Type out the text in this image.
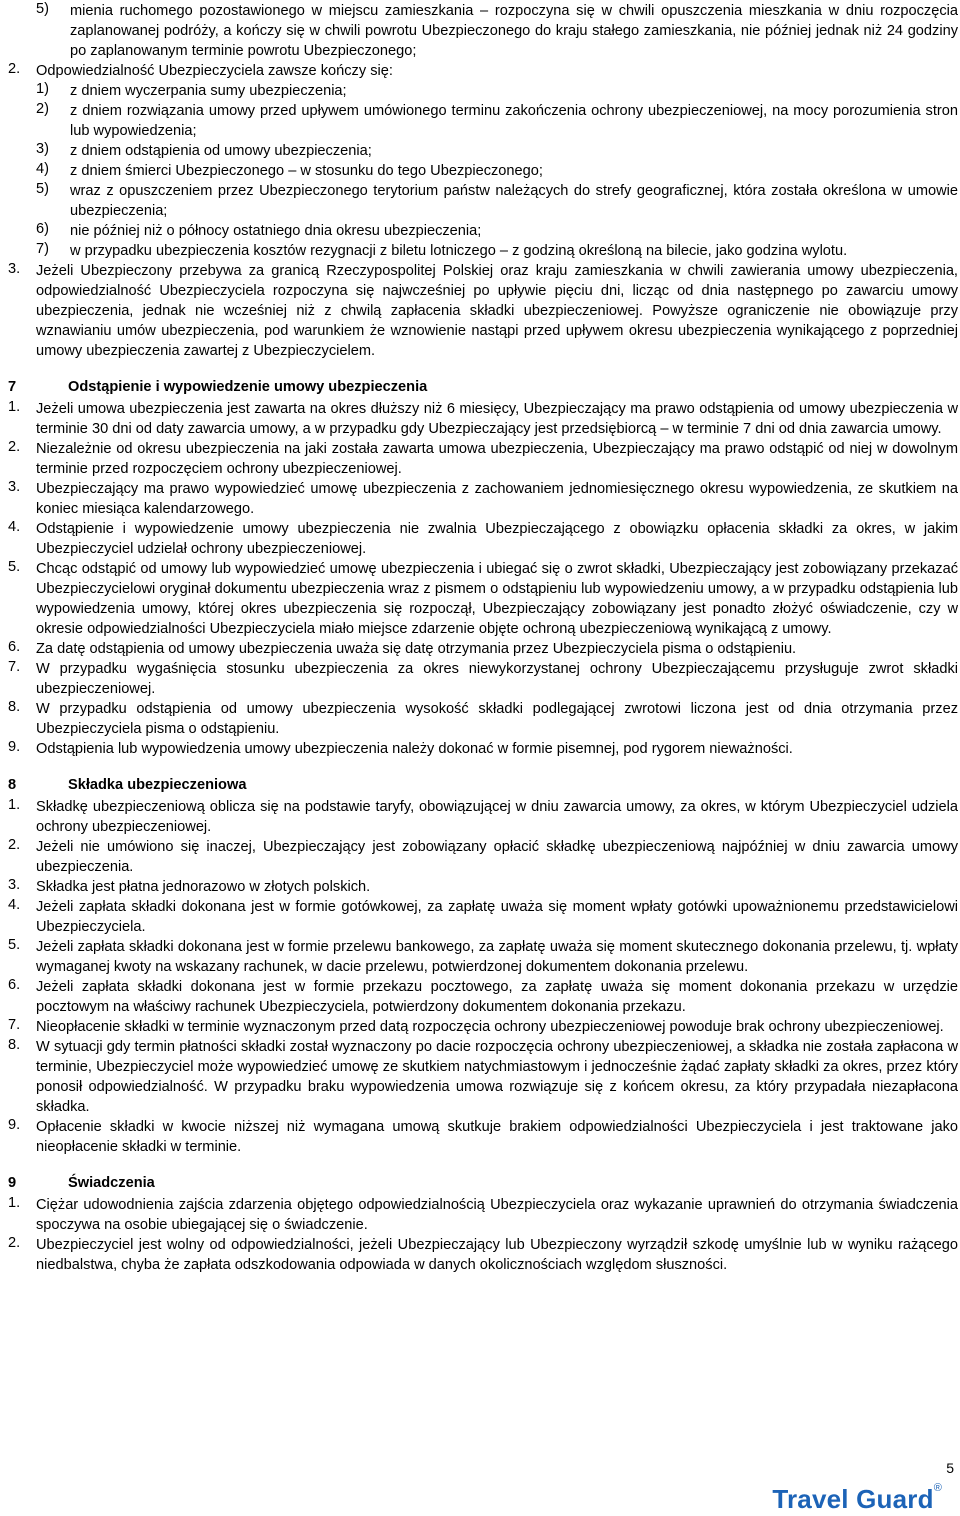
5)	mienia ruchomego pozostawionego w miejscu zamieszkania – rozpoczyna się w chwili opuszczenia mieszkania w dniu rozpoczęcia zaplanowanej podróży, a kończy się w chwili powrotu Ubezpieczonego do kraju stałego zamieszkania, nie później jednak niż 24 godziny po zaplanowanym terminie powrotu Ubezpieczonego;
2.	Odpowiedzialność Ubezpieczyciela zawsze kończy się:
1)	z dniem wyczerpania sumy ubezpieczenia;
2)	z dniem rozwiązania umowy przed upływem umówionego terminu zakończenia ochrony ubezpieczeniowej, na mocy porozumienia stron lub wypowiedzenia;
3)	z dniem odstąpienia od umowy ubezpieczenia;
4)	z dniem śmierci Ubezpieczonego – w stosunku do tego Ubezpieczonego;
5)	wraz z opuszczeniem przez Ubezpieczonego terytorium państw należących do strefy geograficznej, która została określona w umowie ubezpieczenia;
6)	nie później niż o północy ostatniego dnia okresu ubezpieczenia;
7)	w przypadku ubezpieczenia kosztów rezygnacji z biletu lotniczego – z godziną określoną na bilecie, jako godzina wylotu.
3.	Jeżeli Ubezpieczony przebywa za granicą Rzeczypospolitej Polskiej oraz kraju zamieszkania w chwili zawierania umowy ubezpieczenia, odpowiedzialność Ubezpieczyciela rozpoczyna się najwcześniej po upływie pięciu dni, licząc od dnia następnego po zawarciu umowy ubezpieczenia, jednak nie wcześniej niż z chwilą zapłacenia składki ubezpieczeniowej. Powyższe ograniczenie nie obowiązuje przy wznawianiu umów ubezpieczenia, pod warunkiem że wznowienie nastąpi przed upływem okresu ubezpieczenia wynikającego z poprzedniej umowy ubezpieczenia zawartej z Ubezpieczycielem.
7	Odstąpienie i wypowiedzenie umowy ubezpieczenia
1.	Jeżeli umowa ubezpieczenia jest zawarta na okres dłuższy niż 6 miesięcy, Ubezpieczający ma prawo odstąpienia od umowy ubezpieczenia w terminie 30 dni od daty zawarcia umowy, a w przypadku gdy Ubezpieczający jest przedsiębiorcą – w terminie 7 dni od dnia zawarcia umowy.
2.	Niezależnie od okresu ubezpieczenia na jaki została zawarta umowa ubezpieczenia, Ubezpieczający ma prawo odstąpić od niej w dowolnym terminie przed rozpoczęciem ochrony ubezpieczeniowej.
3.	Ubezpieczający ma prawo wypowiedzieć umowę ubezpieczenia z zachowaniem jednomiesięcznego okresu wypowiedzenia, ze skutkiem na koniec miesiąca kalendarzowego.
4.	Odstąpienie i wypowiedzenie umowy ubezpieczenia nie zwalnia Ubezpieczającego z obowiązku opłacenia składki za okres, w jakim Ubezpieczyciel udzielał ochrony ubezpieczeniowej.
5.	Chcąc odstąpić od umowy lub wypowiedzieć umowę ubezpieczenia i ubiegać się o zwrot składki, Ubezpieczający jest zobowiązany przekazać Ubezpieczycielowi oryginał dokumentu ubezpieczenia wraz z pismem o odstąpieniu lub wypowiedzeniu umowy, a w przypadku odstąpienia lub wypowiedzenia umowy, której okres ubezpieczenia się rozpoczął, Ubezpieczający zobowiązany jest ponadto złożyć oświadczenie, czy w okresie odpowiedzialności Ubezpieczyciela miało miejsce zdarzenie objęte ochroną ubezpieczeniową wynikającą z umowy.
6.	Za datę odstąpienia od umowy ubezpieczenia uważa się datę otrzymania przez Ubezpieczyciela pisma o odstąpieniu.
7.	W przypadku wygaśnięcia stosunku ubezpieczenia za okres niewykorzystanej ochrony Ubezpieczającemu przysługuje zwrot składki ubezpieczeniowej.
8.	W przypadku odstąpienia od umowy ubezpieczenia wysokość składki podlegającej zwrotowi liczona jest od dnia otrzymania przez Ubezpieczyciela pisma o odstąpieniu.
9.	Odstąpienia lub wypowiedzenia umowy ubezpieczenia należy dokonać w formie pisemnej, pod rygorem nieważności.
8	Składka ubezpieczeniowa
1.	Składkę ubezpieczeniową oblicza się na podstawie taryfy, obowiązującej w dniu zawarcia umowy, za okres, w którym Ubezpieczyciel udziela ochrony ubezpieczeniowej.
2.	Jeżeli nie umówiono się inaczej, Ubezpieczający jest zobowiązany opłacić składkę ubezpieczeniową najpóźniej w dniu zawarcia umowy ubezpieczenia.
3.	Składka jest płatna jednorazowo w złotych polskich.
4.	Jeżeli zapłata składki dokonana jest w formie gotówkowej, za zapłatę uważa się moment wpłaty gotówki upoważnionemu przedstawicielowi Ubezpieczyciela.
5.	Jeżeli zapłata składki dokonana jest w formie przelewu bankowego, za zapłatę uważa się moment skutecznego dokonania przelewu, tj. wpłaty wymaganej kwoty na wskazany rachunek, w dacie przelewu, potwierdzonej dokumentem dokonania przelewu.
6.	Jeżeli zapłata składki dokonana jest w formie przekazu pocztowego, za zapłatę uważa się moment dokonania przekazu w urzędzie pocztowym na właściwy rachunek Ubezpieczyciela, potwierdzony dokumentem dokonania przekazu.
7.	Nieopłacenie składki w terminie wyznaczonym przed datą rozpoczęcia ochrony ubezpieczeniowej powoduje brak ochrony ubezpieczeniowej.
8.	W sytuacji gdy termin płatności składki został wyznaczony po dacie rozpoczęcia ochrony ubezpieczeniowej, a składka nie została zapłacona w terminie, Ubezpieczyciel może wypowiedzieć umowę ze skutkiem natychmiastowym i jednocześnie żądać zapłaty składki za okres, przez który ponosił odpowiedzialność. W przypadku braku wypowiedzenia umowa rozwiązuje się z końcem okresu, za który przypadała niezapłacona składka.
9.	Opłacenie składki w kwocie niższej niż wymagana umową skutkuje brakiem odpowiedzialności Ubezpieczyciela i jest traktowane jako nieopłacenie składki w terminie.
9	Świadczenia
1.	Ciężar udowodnienia zajścia zdarzenia objętego odpowiedzialnością Ubezpieczyciela oraz wykazanie uprawnień do otrzymania świadczenia spoczywa na osobie ubiegającej się o świadczenie.
2.	Ubezpieczyciel jest wolny od odpowiedzialności, jeżeli Ubezpieczający lub Ubezpieczony wyrządził szkodę umyślnie lub w wyniku rażącego niedbalstwa, chyba że zapłata odszkodowania odpowiada w danych okolicznościach względom słuszności.
5
Travel Guard®
